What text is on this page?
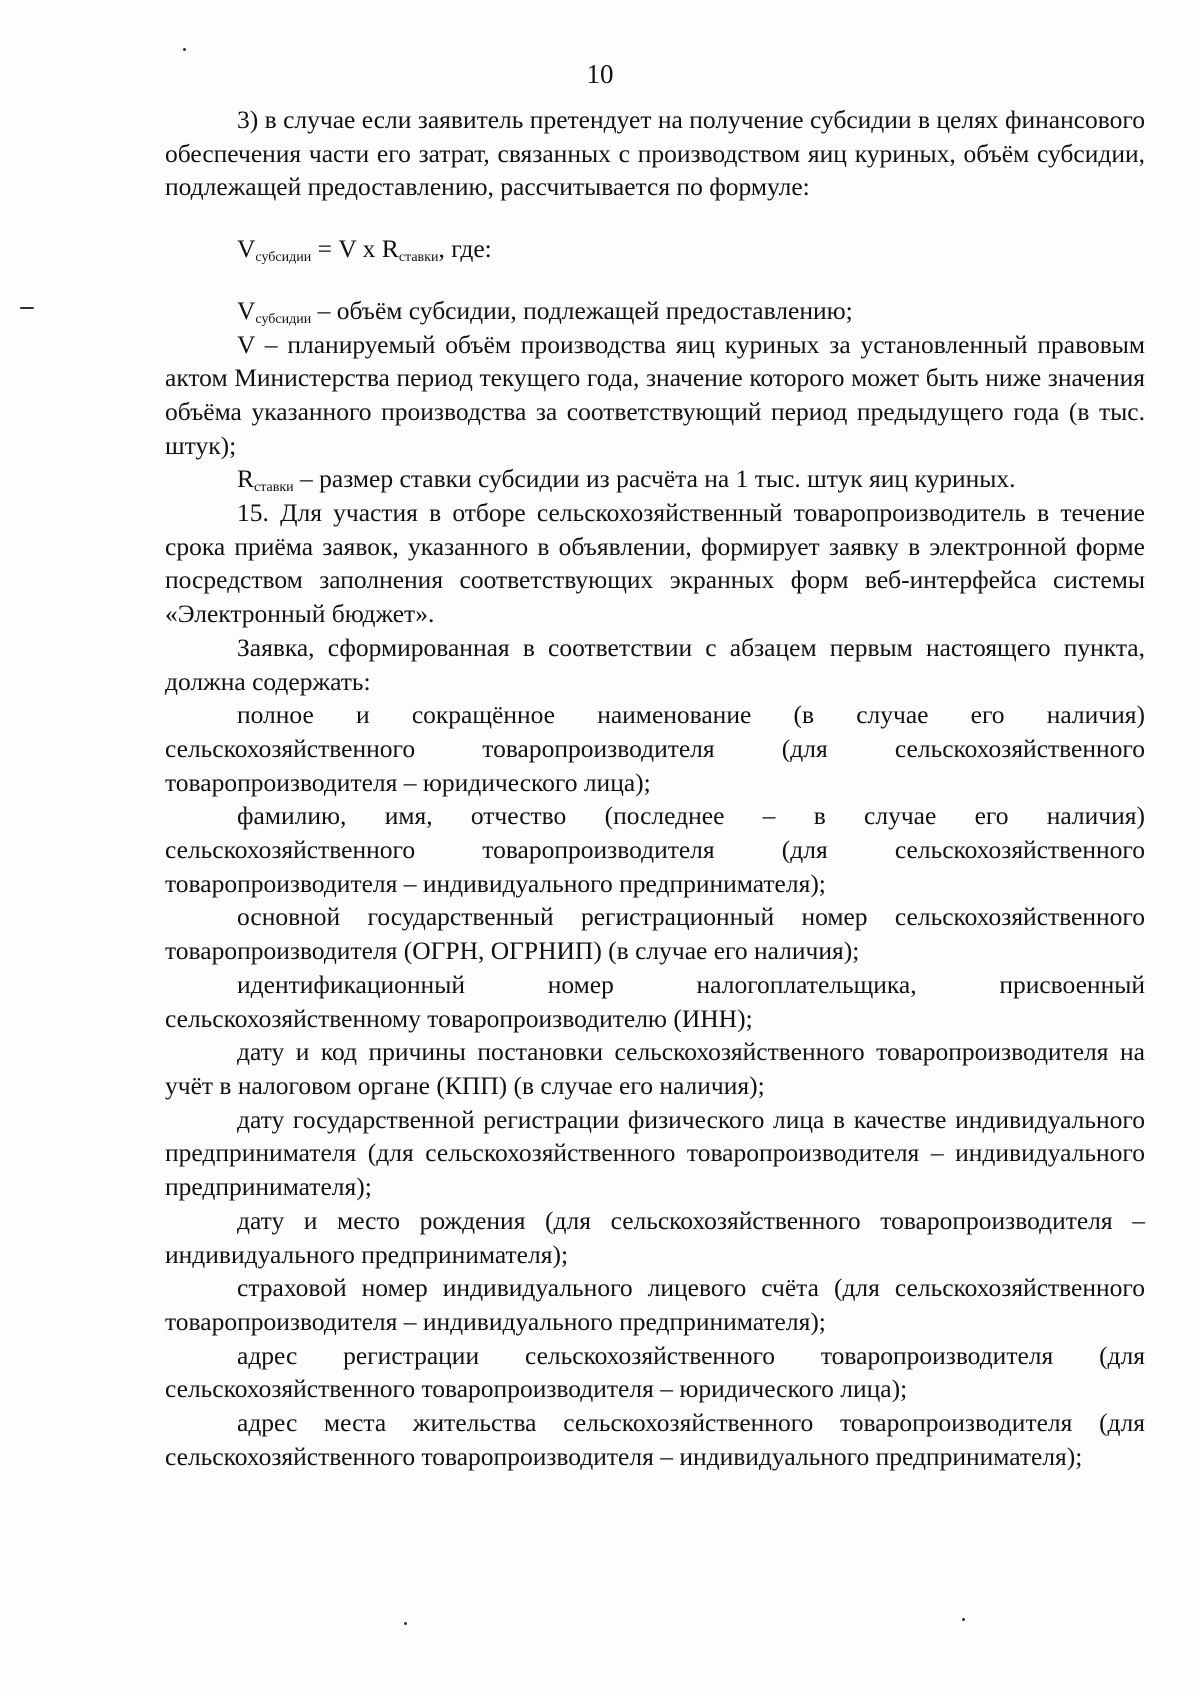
10

3) в случае если заявитель претендует на получение субсидии в целях финансового обеспечения части его затрат, связанных с производством яиц куриных, объём субсидии, подлежащей предоставлению, рассчитывается по формуле:

$V_{субсидии} = V$ x $R_{ставки}$, где:

$V_{субсидии}$ – объём субсидии, подлежащей предоставлению;

V – планируемый объём производства яиц куриных за установленный правовым актом Министерства период текущего года, значение которого может быть ниже значения объёма указанного производства за соответствующий период предыдущего года (в тыс. штук);

$R_{ставки}$ – размер ставки субсидии из расчёта на 1 тыс. штук яиц куриных.

15. Для участия в отборе сельскохозяйственный товаропроизводитель в течение срока приёма заявок, указанного в объявлении, формирует заявку в электронной форме посредством заполнения соответствующих экранных форм веб-интерфейса системы «Электронный бюджет».

Заявка, сформированная в соответствии с абзацем первым настоящего пункта, должна содержать:

полное и сокращённое наименование (в случае его наличия) сельскохозяйственного товаропроизводителя (для сельскохозяйственного товаропроизводителя – юридического лица);

фамилию, имя, отчество (последнее – в случае его наличия) сельскохозяйственного товаропроизводителя (для сельскохозяйственного товаропроизводителя – индивидуального предпринимателя);

основной государственный регистрационный номер сельскохозяйственного товаропроизводителя (ОГРН, ОГРНИП) (в случае его наличия);

идентификационный номер налогоплательщика, присвоенный сельскохозяйственному товаропроизводителю (ИНН);

дату и код причины постановки сельскохозяйственного товаропроизводителя на учёт в налоговом органе (КПП) (в случае его наличия);

дату государственной регистрации физического лица в качестве индивидуального предпринимателя (для сельскохозяйственного товаропроизводителя – индивидуального предпринимателя);

дату и место рождения (для сельскохозяйственного товаропроизводителя – индивидуального предпринимателя);

страховой номер индивидуального лицевого счёта (для сельскохозяйственного товаропроизводителя – индивидуального предпринимателя);

адрес регистрации сельскохозяйственного товаропроизводителя (для сельскохозяйственного товаропроизводителя – юридического лица);

адрес места жительства сельскохозяйственного товаропроизводителя (для сельскохозяйственного товаропроизводителя – индивидуального предпринимателя);
